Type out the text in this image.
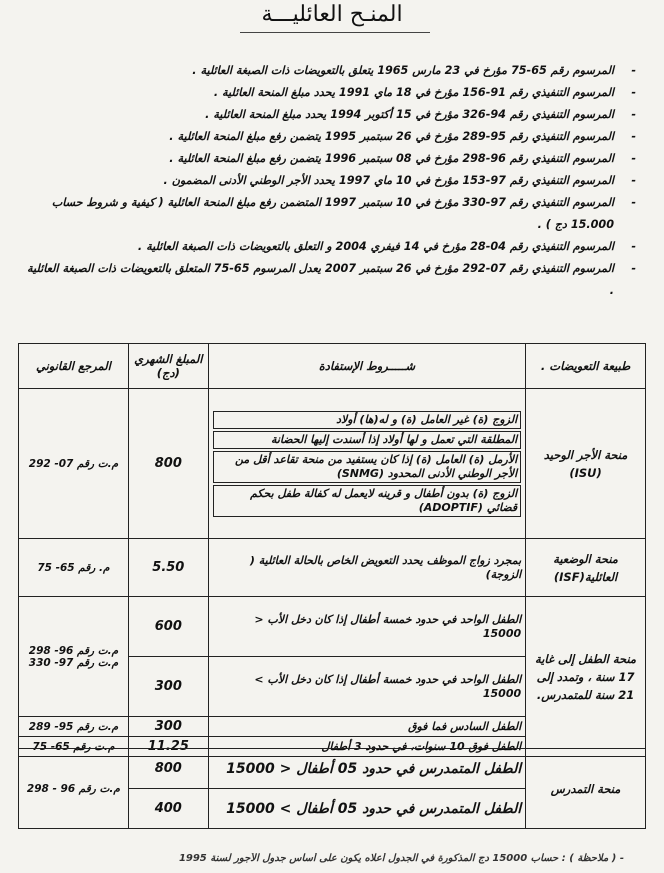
المنـح العائليـــة
-
المرسوم رقم 65-75 مؤرخ في 23 مارس 1965 يتعلق بالتعويضات ذات الصبغة العائلية .
-
المرسوم التنفيذي رقم 91-156 مؤرخ في 18 ماي 1991 يحدد مبلغ المنحة العائلية .
-
المرسوم التنفيذي رقم 94-326 مؤرخ في 15 أكتوبر 1994 يحدد مبلغ المنحة العائلية .
-
المرسوم التنفيذي رقم 95-289 مؤرخ في 26 سبتمبر 1995 يتضمن رفع مبلغ المنحة العائلية .
-
المرسوم التنفيذي رقم 96-298 مؤرخ في 08 سبتمبر 1996 يتضمن رفع مبلغ المنحة العائلية .
-
المرسوم التنفيذي رقم 97-153 مؤرخ في 10 ماي 1997 يحدد الأجر الوطني الأدنى المضمون .
-
المرسوم التنفيذي رقم 97-330 مؤرخ في 10 سبتمبر 1997 المتضمن رفع مبلغ المنحة العائلية ( كيفية و شروط حساب 15.000 دج ) .
-
المرسوم التنفيذي رقم 04-28 مؤرخ في 14 فيفري 2004 و التعلق بالتعويضات ذات الصبغة العائلية .
-
المرسوم التنفيذي رقم 07-292 مؤرخ في 26 سبتمبر 2007 يعدل المرسوم 65-75 المتعلق بالتعويضات ذات الصبغة العائلية .
طبيعة التعويضات .	شـــــروط الإستفادة	المبلغ الشهري (دج)	المرجع القانوني
منحة الأجر الوحيد (ISU)	الزوج (ة) غير العامل (ة) و له(ها) أولاد
المطلقة التي تعمل و لها أولاد إذا أسندت إليها الحضانة
الأرمل (ة) العامل (ة) إذا كان يستفيد من منحة تقاعد أقل من الأجر الوطني الأدنى المحدود (SNMG)
الزوج (ة) بدون أطفال و قرينه لايعمل له كفالة طفل بحكم قضائي (ADOPTIF)	800	م.ت رقم 07- 292
منحة الوضعية العائلية(ISF)	بمجرد زواج الموظف يحدد التعويض الخاص بالحالة العائلية ( الزوجة)	5.50	م. رقم 65- 75
منحة الطفل إلى غاية 17 سنة ، وتمدد إلى 21 سنة للمتمدرس.	الطفل الواحد في حدود خمسة أطفال إذا كان دخل الأب < 15000	600	م.ت رقم 96- 298 م.ت رقم 97- 330
	الطفل الواحد في حدود خمسة أطفال إذا كان دخل الأب > 15000	300	
	الطفل السادس فما فوق	300	م.ت رقم 95- 289
	الطفل فوق 10 سنوات، في حدود 3 أطفال	11.25	م.ت رقم 65- 75
منحة التمدرس	الطفل المتمدرس في حدود 05 أطفال < 15000	800	م.ت رقم 96 - 298
	الطفل المتمدرس في حدود 05 أطفال > 15000	400	
- ( ملاحظة ) : حساب 15000 دج المذكورة في الجدول أعلاه يكون على أساس جدول الأجور لسنة 1995
